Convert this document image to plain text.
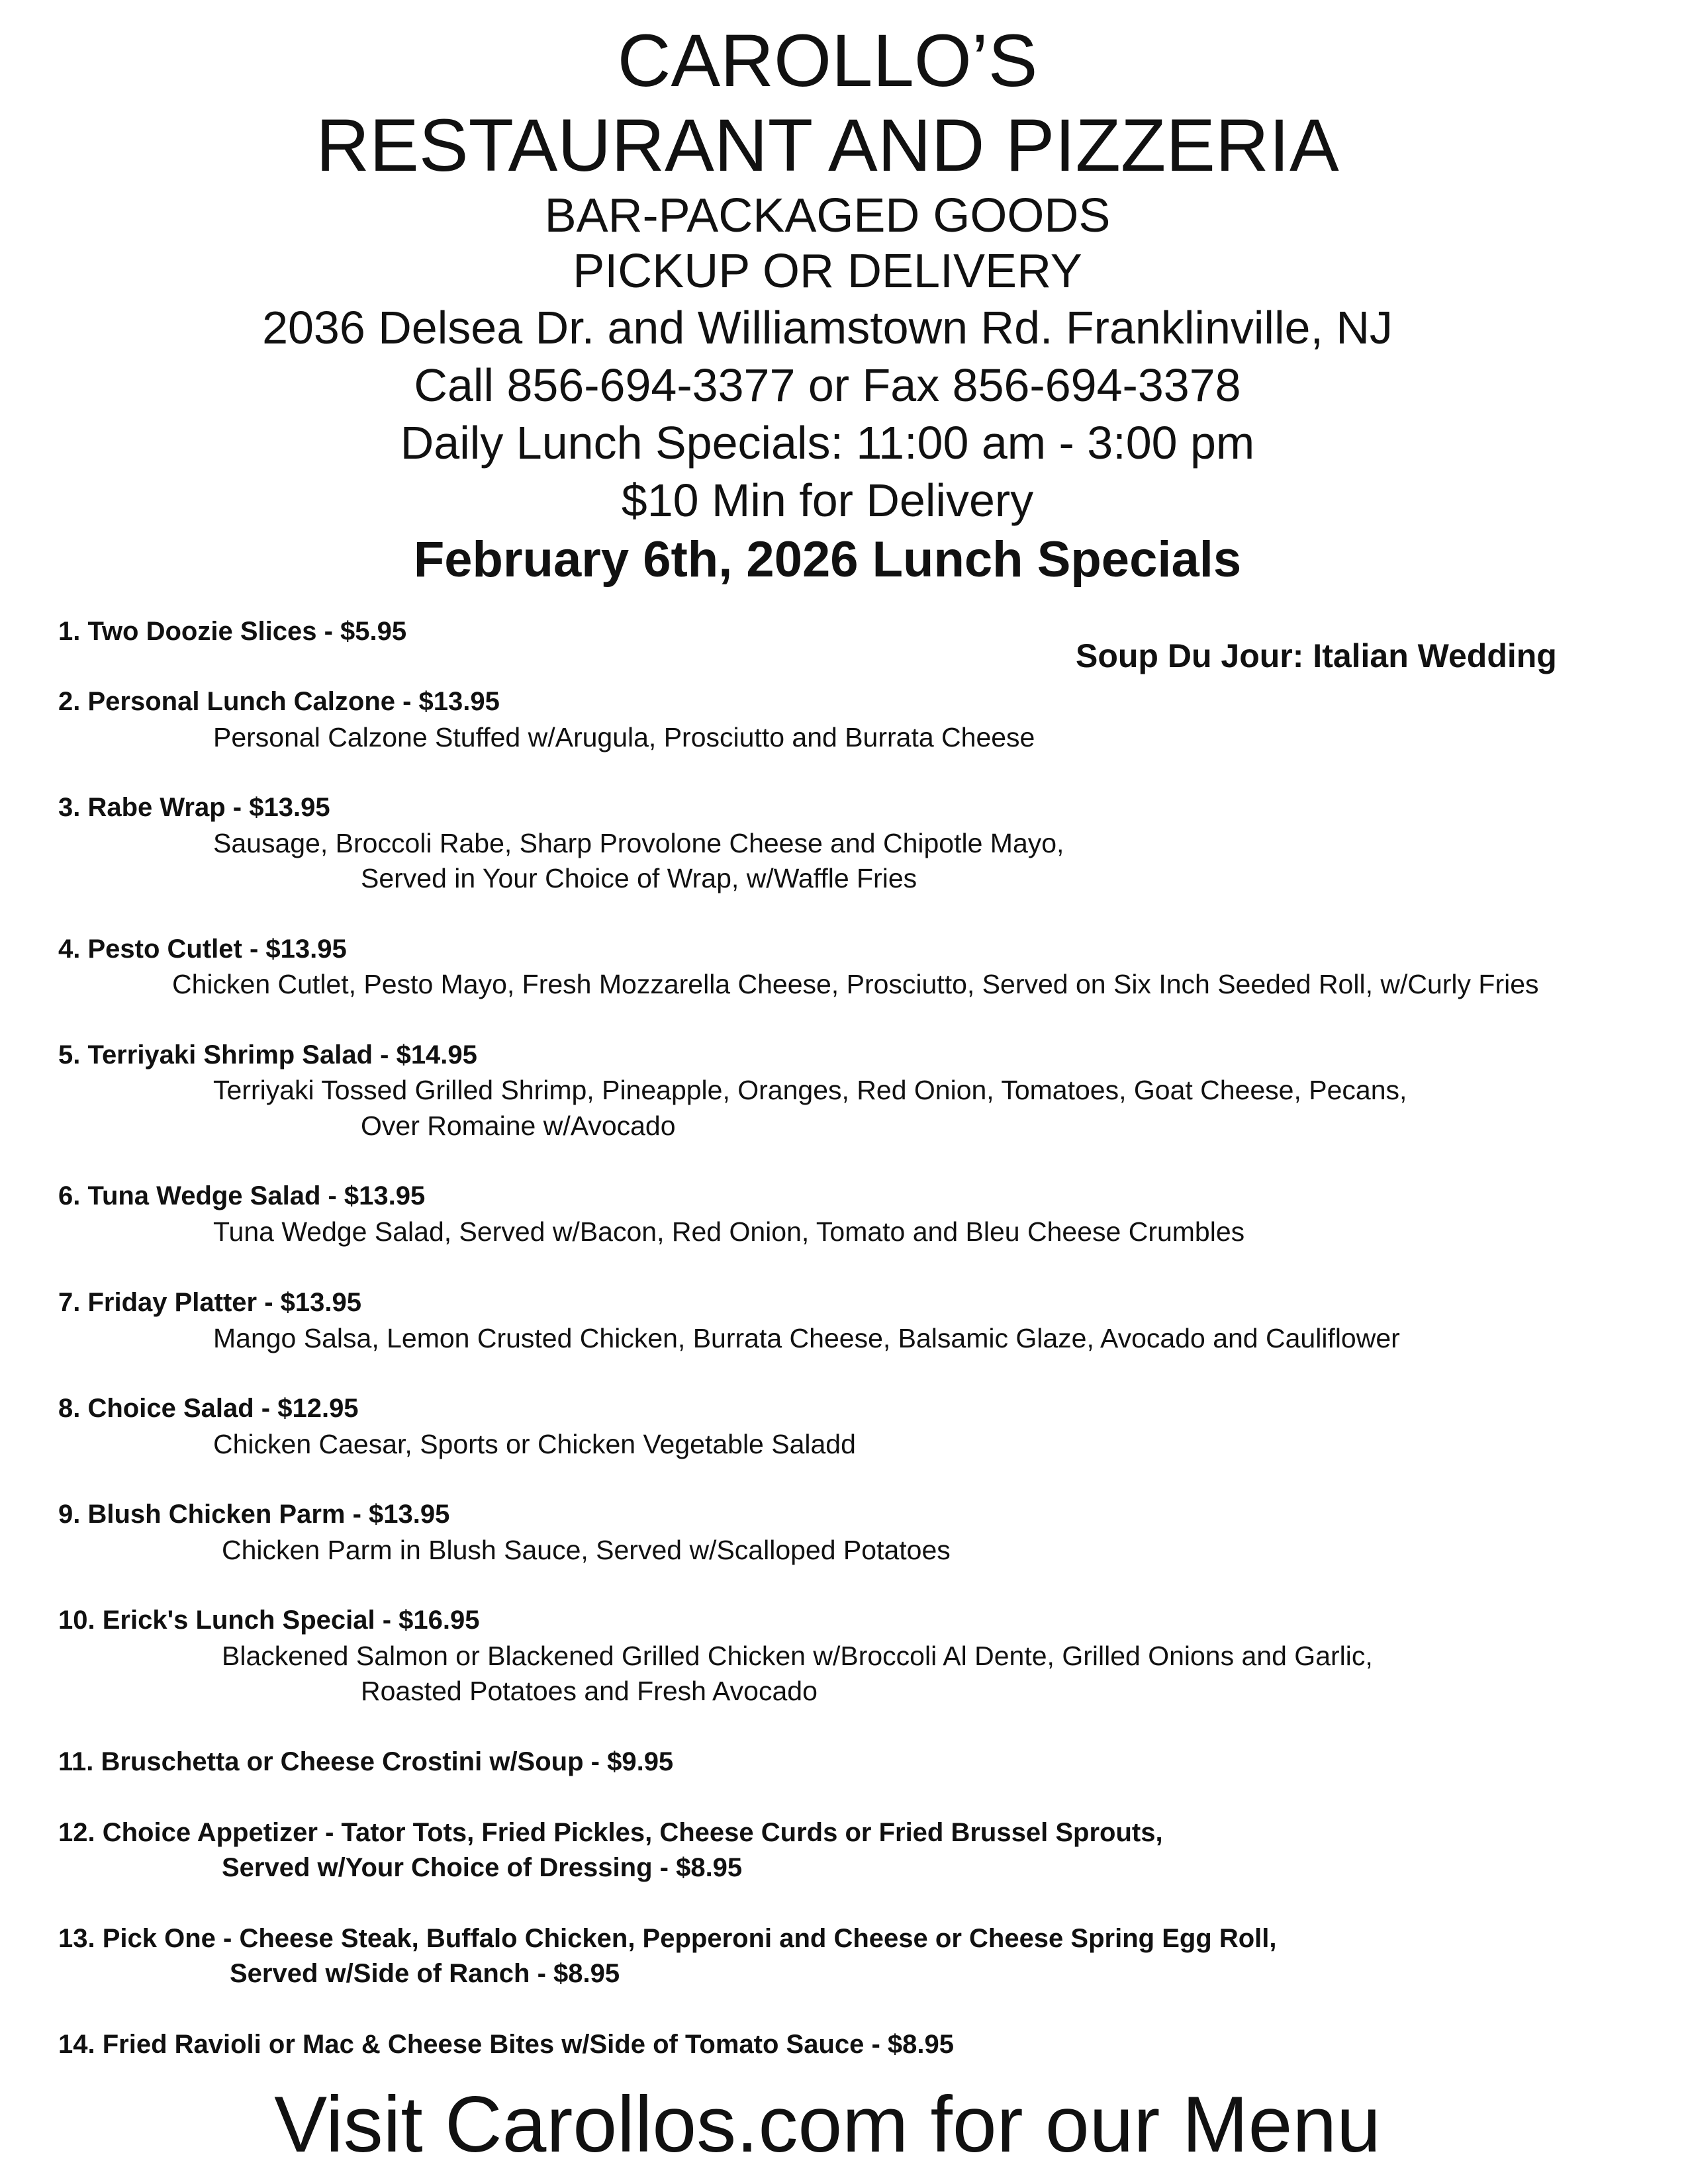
CAROLLO’S
RESTAURANT AND PIZZERIA
BAR-PACKAGED GOODS
PICKUP OR DELIVERY
2036 Delsea Dr. and Williamstown Rd. Franklinville, NJ
Call 856-694-3377 or Fax 856-694-3378
Daily Lunch Specials: 11:00 am - 3:00 pm
$10 Min for Delivery
February 6th, 2026 Lunch Specials
Soup Du Jour: Italian Wedding
1. Two Doozie Slices - $5.95
2. Personal Lunch Calzone - $13.95
Personal Calzone Stuffed w/Arugula, Prosciutto and Burrata Cheese
3. Rabe Wrap - $13.95
Sausage, Broccoli Rabe, Sharp Provolone Cheese and Chipotle Mayo,
Served in Your Choice of Wrap, w/Waffle Fries
4. Pesto Cutlet - $13.95
Chicken Cutlet, Pesto Mayo, Fresh Mozzarella Cheese, Prosciutto, Served on Six Inch Seeded Roll, w/Curly Fries
5. Terriyaki Shrimp Salad - $14.95
Terriyaki Tossed Grilled Shrimp, Pineapple, Oranges, Red Onion, Tomatoes, Goat Cheese, Pecans,
Over Romaine w/Avocado
6. Tuna Wedge Salad - $13.95
Tuna Wedge Salad, Served w/Bacon, Red Onion, Tomato and Bleu Cheese Crumbles
7. Friday Platter - $13.95
Mango Salsa, Lemon Crusted Chicken, Burrata Cheese, Balsamic Glaze, Avocado and Cauliflower
8. Choice Salad - $12.95
Chicken Caesar, Sports or Chicken Vegetable Saladd
9. Blush Chicken Parm - $13.95
Chicken Parm in Blush Sauce, Served w/Scalloped Potatoes
10. Erick's Lunch Special - $16.95
Blackened Salmon or Blackened Grilled Chicken w/Broccoli Al Dente, Grilled Onions and Garlic,
Roasted Potatoes and Fresh Avocado
11. Bruschetta or Cheese Crostini w/Soup - $9.95
12. Choice Appetizer - Tator Tots, Fried Pickles, Cheese Curds or Fried Brussel Sprouts,
Served w/Your Choice of Dressing - $8.95
13. Pick One - Cheese Steak, Buffalo Chicken, Pepperoni and Cheese or Cheese Spring Egg Roll,
Served w/Side of Ranch - $8.95
14. Fried Ravioli or Mac & Cheese Bites w/Side of Tomato Sauce - $8.95
Visit Carollos.com for our Menu
